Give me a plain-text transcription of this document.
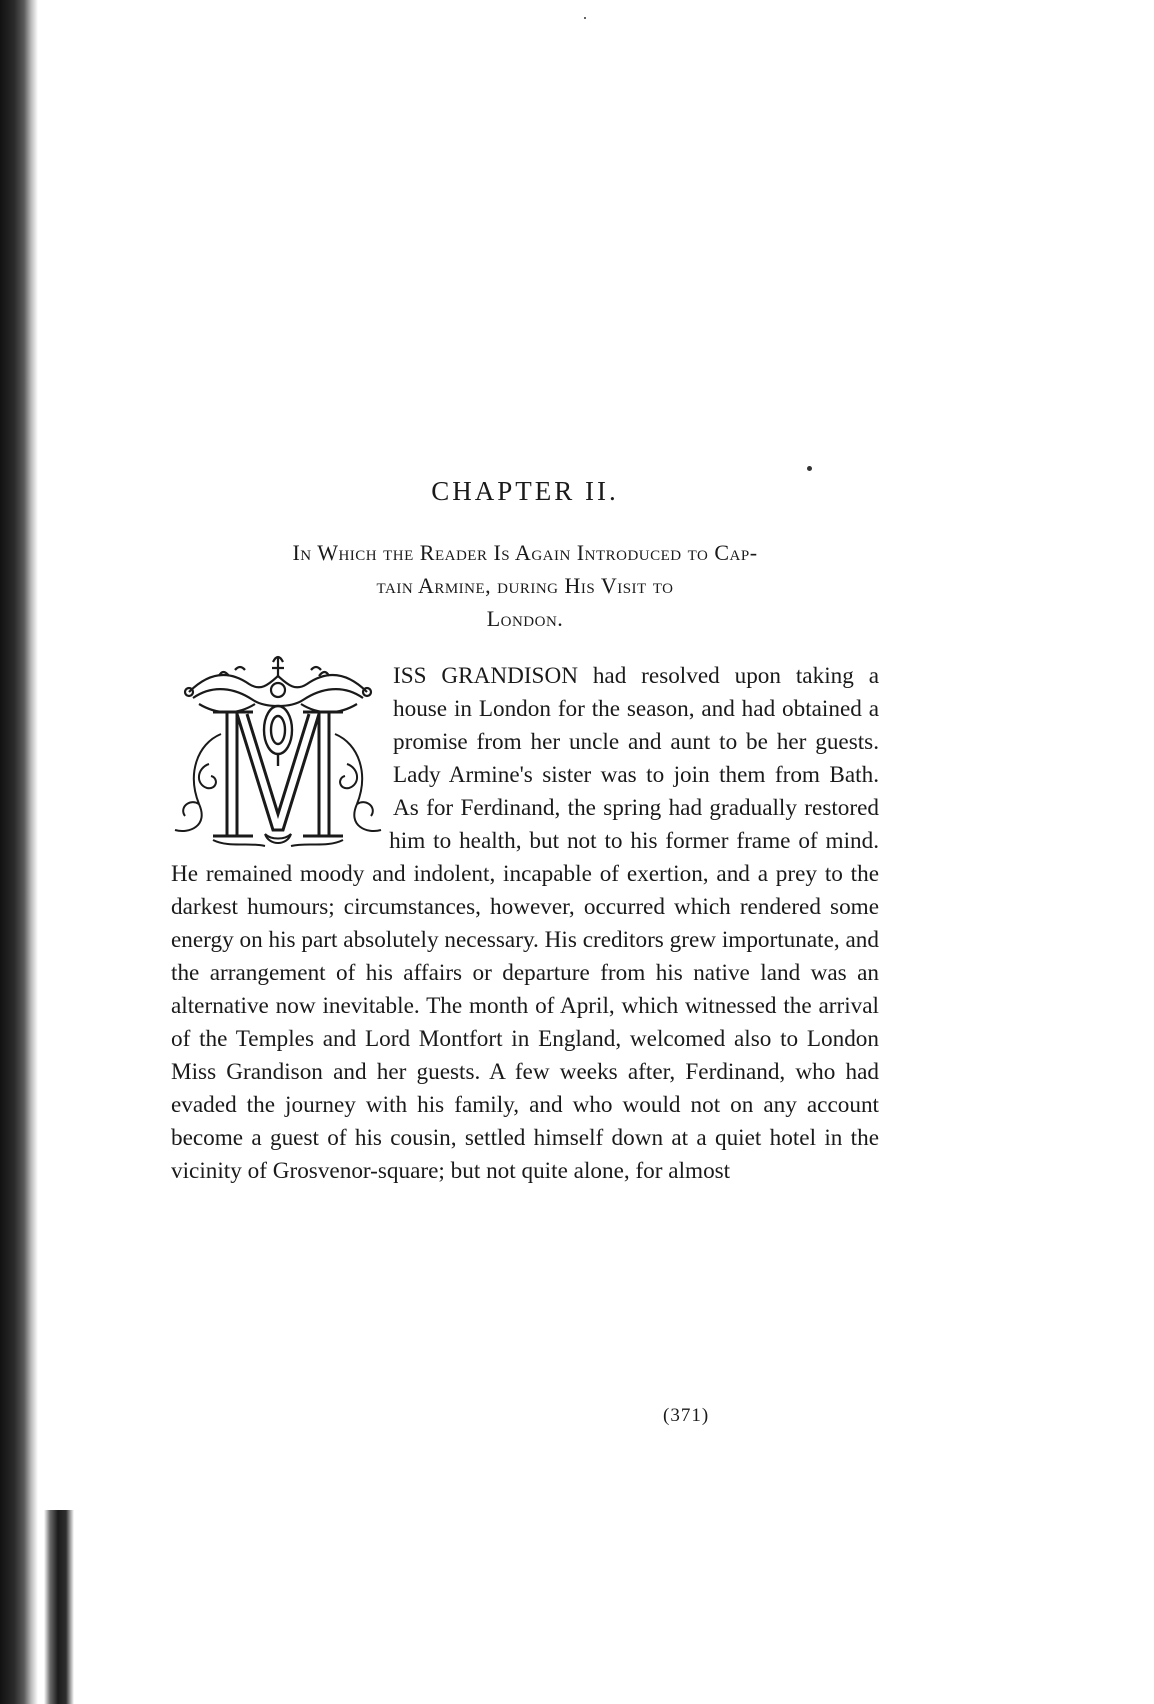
CHAPTER II.
In Which the Reader Is Again Introduced to Cap-
tain Armine, during His Visit to
London.
ISS GRANDISON had resolved upon taking a house in London for the season, and had obtained a promise from her uncle and aunt to be her guests. Lady Armine's sister was to join them from Bath. As for Ferdinand, the spring had gradually restored him to health, but not to his former frame of mind. He remained moody and indolent, incapable of exertion, and a prey to the darkest humours; circumstances, however, occurred which rendered some energy on his part absolutely necessary. His creditors grew importunate, and the arrangement of his affairs or departure from his native land was an alternative now inevitable. The month of April, which witnessed the arrival of the Temples and Lord Montfort in England, welcomed also to London Miss Grandison and her guests. A few weeks after, Ferdinand, who had evaded the journey with his family, and who would not on any account become a guest of his cousin, settled himself down at a quiet hotel in the vicinity of Grosvenor-square; but not quite alone, for almost
(371)
